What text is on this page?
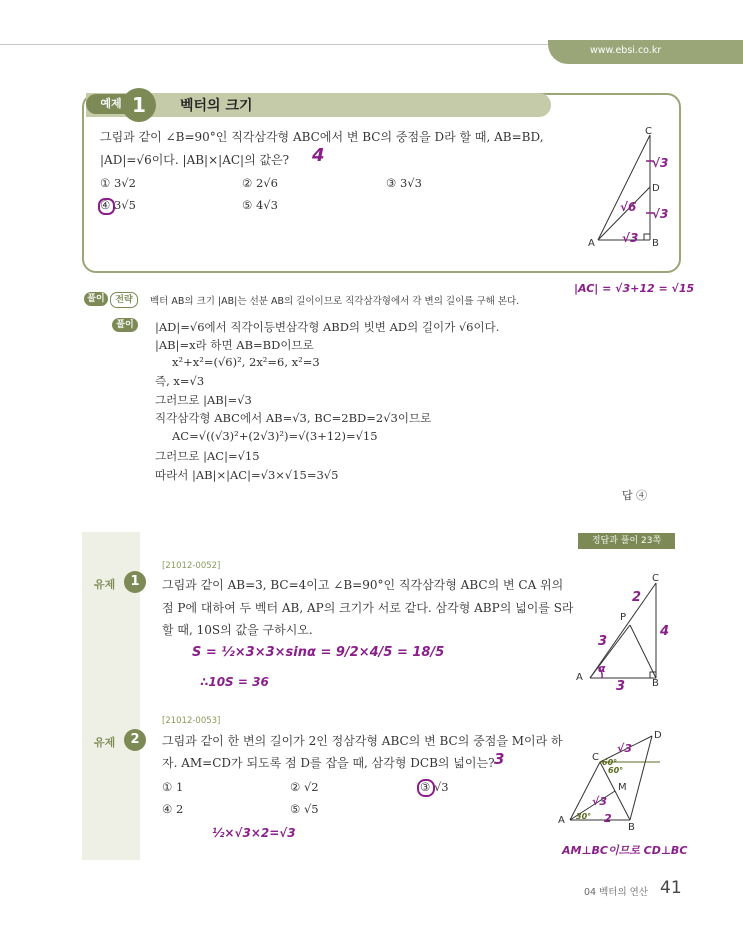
www.ebsi.co.kr
예제 1	벡터의 크기
그림과 같이 ∠B=90°인 직각삼각형 ABC에서 변 BC의 중점을 D라 할 때, AB=BD,
|AD|=√6이다. |AB|×|AC|의 값은? 4
① 3√2	② 2√6	③ 3√3
④ 3√5	⑤ 4√3
C
D
A	B
√3
√3
√3
√6
풀이	전략	벡터 AB의 크기 |AB|는 선분 AB의 길이이므로 직각삼각형에서 각 변의 길이를 구해 본다.
|AC| = √3+12 = √15
풀이	|AD|=√6에서 직각이등변삼각형 ABD의 빗변 AD의 길이가 √6이다.
|AB|=x라 하면 AB=BD이므로
x²+x²=(√6)², 2x²=6, x²=3
즉, x=√3
그러므로 |AB|=√3
직각삼각형 ABC에서 AB=√3, BC=2BD=2√3이므로
AC=√((√3)²+(2√3)²)=√(3+12)=√15
그러므로 |AC|=√15
따라서 |AB|×|AC|=√3×√15=3√5
답 ④
정답과 풀이 23쪽
유제	1
[21012-0052]
그림과 같이 AB=3, BC=4이고 ∠B=90°인 직각삼각형 ABC의 변 CA 위의
점 P에 대하여 두 벡터 AB, AP의 크기가 서로 같다. 삼각형 ABP의 넓이를 S라
할 때, 10S의 값을 구하시오.
S = ½×3×3×sinα = 9/2×4/5 = 18/5
∴10S = 36
C
P
A
B
2
3
4
3
α
유제	2
[21012-0053]
그림과 같이 한 변의 길이가 2인 정삼각형 ABC의 변 BC의 중점을 M이라 하
자. AM=CD가 되도록 점 D를 잡을 때, 삼각형 DCB의 넓이는? 3
① 1	② √2	③ √3
④ 2	⑤ √5
½×√3×2=√3
D
C
M
A
B
√3
60°
60°
30°
√3
2
AM⊥BC이므로 CD⊥BC
04 벡터의 연산 41
